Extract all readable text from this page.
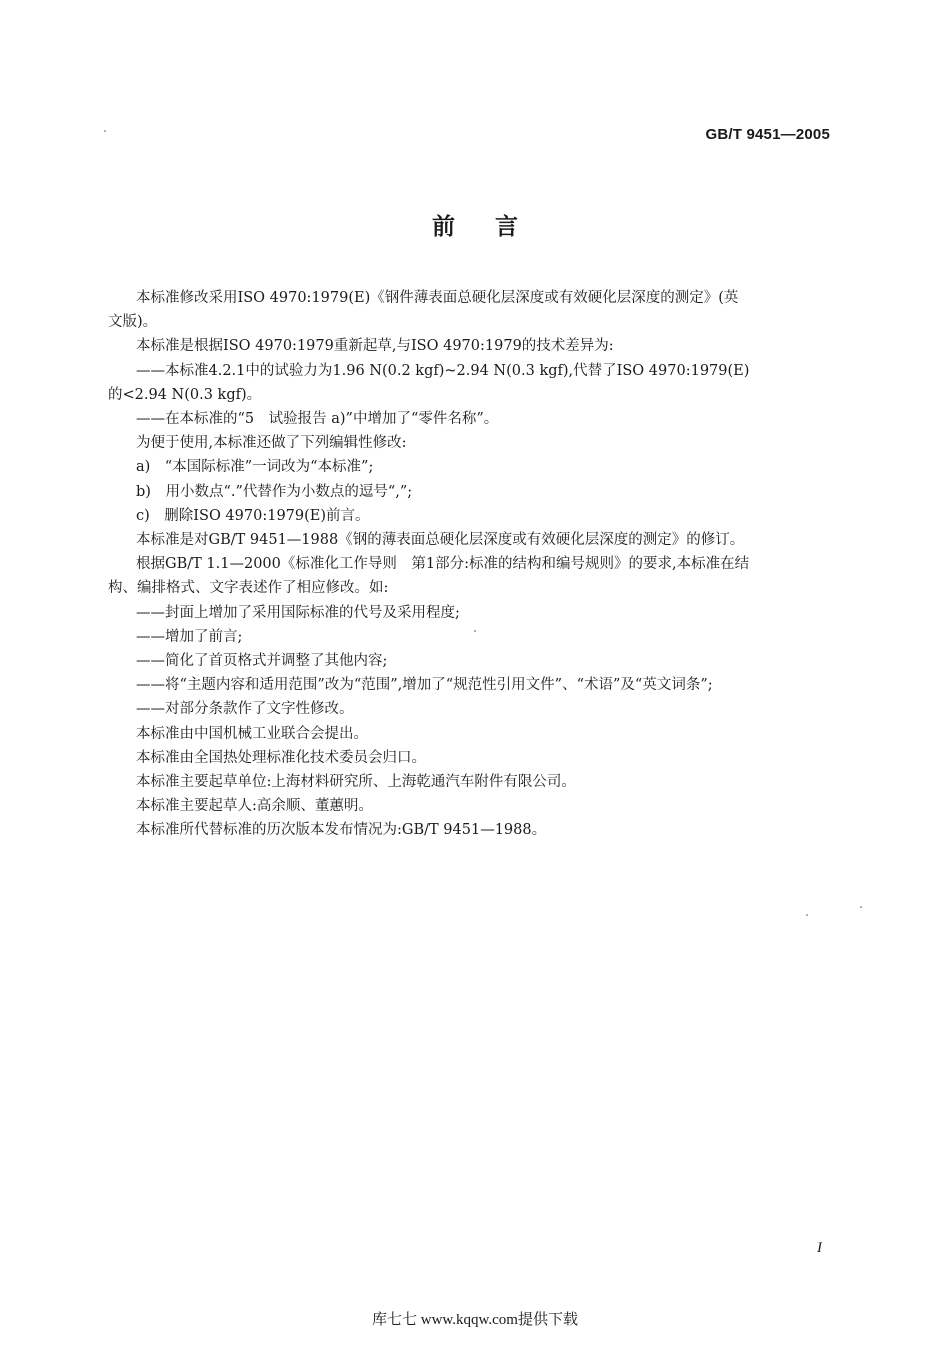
GB/T 9451—2005
前 言

本标准修改采用ISO 4970:1979(E)《钢件薄表面总硬化层深度或有效硬化层深度的测定》(英

文版)。

本标准是根据ISO 4970:1979重新起草,与ISO 4970:1979的技术差异为:

——本标准4.2.1中的试验力为1.96 N(0.2 kgf)~2.94 N(0.3 kgf),代替了ISO 4970:1979(E)

的<2.94 N(0.3 kgf)。

——在本标准的“5　试验报告 a)”中增加了“零件名称”。

为便于使用,本标准还做了下列编辑性修改:

a)　“本国际标准”一词改为“本标准”;

b)　用小数点“.”代替作为小数点的逗号“,”;

c)　删除ISO 4970:1979(E)前言。

本标准是对GB/T 9451—1988《钢的薄表面总硬化层深度或有效硬化层深度的测定》的修订。

根据GB/T 1.1—2000《标准化工作导则　第1部分:标准的结构和编号规则》的要求,本标准在结

构、编排格式、文字表述作了相应修改。如:

——封面上增加了采用国际标准的代号及采用程度;

——增加了前言;

——简化了首页格式并调整了其他内容;

——将“主题内容和适用范围”改为“范围”,增加了“规范性引用文件”、“术语”及“英文词条”;

——对部分条款作了文字性修改。

本标准由中国机械工业联合会提出。

本标准由全国热处理标准化技术委员会归口。

本标准主要起草单位:上海材料研究所、上海乾通汽车附件有限公司。

本标准主要起草人:高余顺、董蕙明。

本标准所代替标准的历次版本发布情况为:GB/T 9451—1988。

I
库七七 www.kqqw.com提供下载
